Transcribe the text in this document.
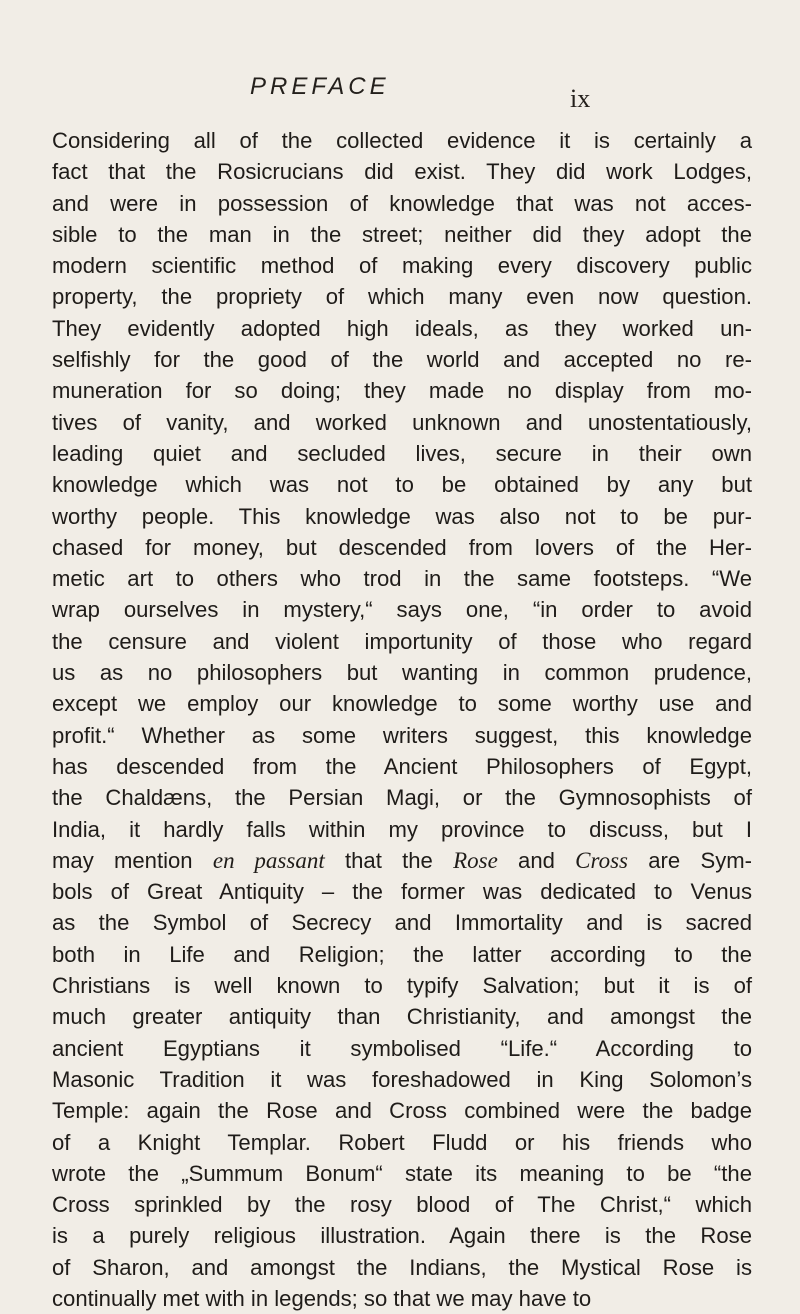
PREFACE	ix

Considering all of the collected evidence it is certainly a
fact that the Rosicrucians did exist. They did work Lodges,
and were in possession of knowledge that was not acces-
sible to the man in the street; neither did they adopt the
modern scientific method of making every discovery public
property, the propriety of which many even now question.
They evidently adopted high ideals, as they worked un-
selfishly for the good of the world and accepted no re-
muneration for so doing; they made no display from mo-
tives of vanity, and worked unknown and unostentatiously,
leading quiet and secluded lives, secure in their own
knowledge which was not to be obtained by any but
worthy people. This knowledge was also not to be pur-
chased for money, but descended from lovers of the Her-
metic art to others who trod in the same footsteps. “We
wrap ourselves in mystery,“ says one, “in order to avoid
the censure and violent importunity of those who regard
us as no philosophers but wanting in common prudence,
except we employ our knowledge to some worthy use and
profit.“ Whether as some writers suggest, this knowledge
has descended from the Ancient Philosophers of Egypt,
the Chaldæns, the Persian Magi, or the Gymnosophists of
India, it hardly falls within my province to discuss, but I
may mention en passant that the Rose and Cross are Sym-
bols of Great Antiquity – the former was dedicated to Venus
as the Symbol of Secrecy and Immortality and is sacred
both in Life and Religion; the latter according to the
Christians is well known to typify Salvation; but it is of
much greater antiquity than Christianity, and amongst the
ancient Egyptians it symbolised “Life.“ According to
Masonic Tradition it was foreshadowed in King Solomon’s
Temple: again the Rose and Cross combined were the badge
of a Knight Templar. Robert Fludd or his friends who
wrote the „Summum Bonum“ state its meaning to be “the
Cross sprinkled by the rosy blood of The Christ,“ which
is a purely religious illustration. Again there is the Rose
of Sharon, and amongst the Indians, the Mystical Rose is
continually met with in legends; so that we may have to
